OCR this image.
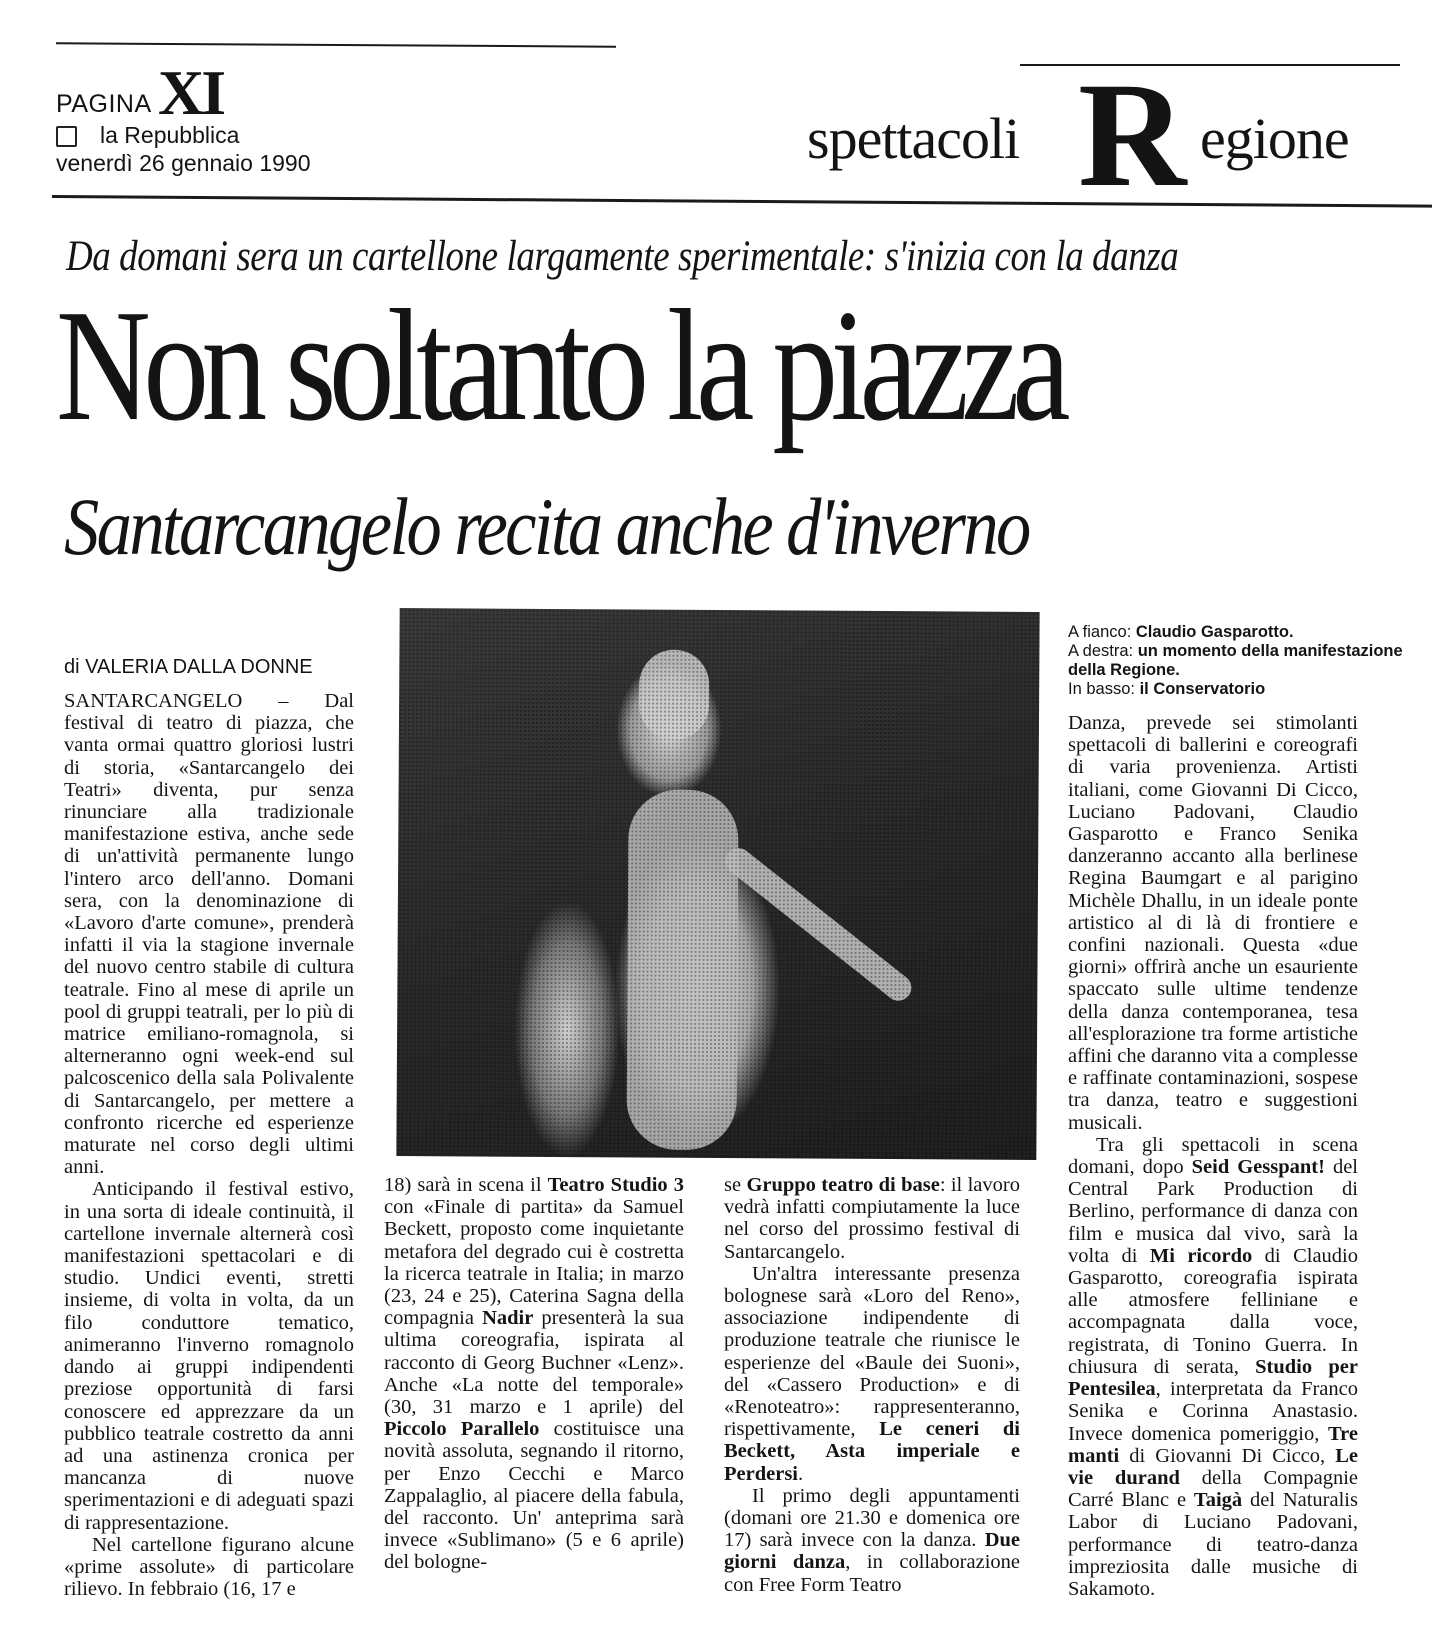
PAGINA XI
la Repubblica
venerdì 26 gennaio 1990	spettacoli R egione
Da domani sera un cartellone largamente sperimentale: s'inizia con la danza
Non soltanto la piazza
Santarcangelo recita anche d'inverno
di VALERIA DALLA DONNE
A fianco: Claudio Gasparotto.
A destra: un momento della manifestazione della Regione.
In basso: il Conservatorio

SANTARCANGELO – Dal festival di teatro di piazza, che vanta ormai quattro gloriosi lustri di storia, «Santarcangelo dei Teatri» diventa, pur senza rinunciare alla tradizionale manifestazione estiva, anche sede di un'attività permanente lungo l'intero arco dell'anno. Domani sera, con la denominazione di «Lavoro d'arte comune», prenderà infatti il via la stagione invernale del nuovo centro stabile di cultura teatrale. Fino al mese di aprile un pool di gruppi teatrali, per lo più di matrice emiliano-romagnola, si alterneranno ogni week-end sul palcoscenico della sala Polivalente di Santarcangelo, per mettere a confronto ricerche ed esperienze maturate nel corso degli ultimi anni.

Anticipando il festival estivo, in una sorta di ideale continuità, il cartellone invernale alternerà così manifestazioni spettacolari e di studio. Undici eventi, stretti insieme, di volta in volta, da un filo conduttore tematico, animeranno l'inverno romagnolo dando ai gruppi indipendenti preziose opportunità di farsi conoscere ed apprezzare da un pubblico teatrale costretto da anni ad una astinenza cronica per mancanza di nuove sperimentazioni e di adeguati spazi di rappresentazione.

Nel cartellone figurano alcune «prime assolute» di particolare rilievo. In febbraio (16, 17 e

18) sarà in scena il Teatro Studio 3 con «Finale di partita» da Samuel Beckett, proposto come inquietante metafora del degrado cui è costretta la ricerca teatrale in Italia; in marzo (23, 24 e 25), Caterina Sagna della compagnia Nadir presenterà la sua ultima coreografia, ispirata al racconto di Georg Buchner «Lenz». Anche «La notte del temporale» (30, 31 marzo e 1 aprile) del Piccolo Parallelo costituisce una novità assoluta, segnando il ritorno, per Enzo Cecchi e Marco Zappalaglio, al piacere della fabula, del racconto. Un' anteprima sarà invece «Sublimano» (5 e 6 aprile) del bologne-

se Gruppo teatro di base: il lavoro vedrà infatti compiutamente la luce nel corso del prossimo festival di Santarcangelo.

Un'altra interessante presenza bolognese sarà «Loro del Reno», associazione indipendente di produzione teatrale che riunisce le esperienze del «Baule dei Suoni», del «Cassero Production» e di «Renoteatro»: rappresenteranno, rispettivamente, Le ceneri di Beckett, Asta imperiale e Perdersi.

Il primo degli appuntamenti (domani ore 21.30 e domenica ore 17) sarà invece con la danza. Due giorni danza, in collaborazione con Free Form Teatro

Danza, prevede sei stimolanti spettacoli di ballerini e coreografi di varia provenienza. Artisti italiani, come Giovanni Di Cicco, Luciano Padovani, Claudio Gasparotto e Franco Senika danzeranno accanto alla berlinese Regina Baumgart e al parigino Michèle Dhallu, in un ideale ponte artistico al di là di frontiere e confini nazionali. Questa «due giorni» offrirà anche un esauriente spaccato sulle ultime tendenze della danza contemporanea, tesa all'esplorazione tra forme artistiche affini che daranno vita a complesse e raffinate contaminazioni, sospese tra danza, teatro e suggestioni musicali.

Tra gli spettacoli in scena domani, dopo Seid Gesspant! del Central Park Production di Berlino, performance di danza con film e musica dal vivo, sarà la volta di Mi ricordo di Claudio Gasparotto, coreografia ispirata alle atmosfere felliniane e accompagnata dalla voce, registrata, di Tonino Guerra. In chiusura di serata, Studio per Pentesilea, interpretata da Franco Senika e Corinna Anastasio. Invece domenica pomeriggio, Tre manti di Giovanni Di Cicco, Le vie durand della Compagnie Carré Blanc e Taigà del Naturalis Labor di Luciano Padovani, performance di teatro-danza impreziosita dalle musiche di Sakamoto.
